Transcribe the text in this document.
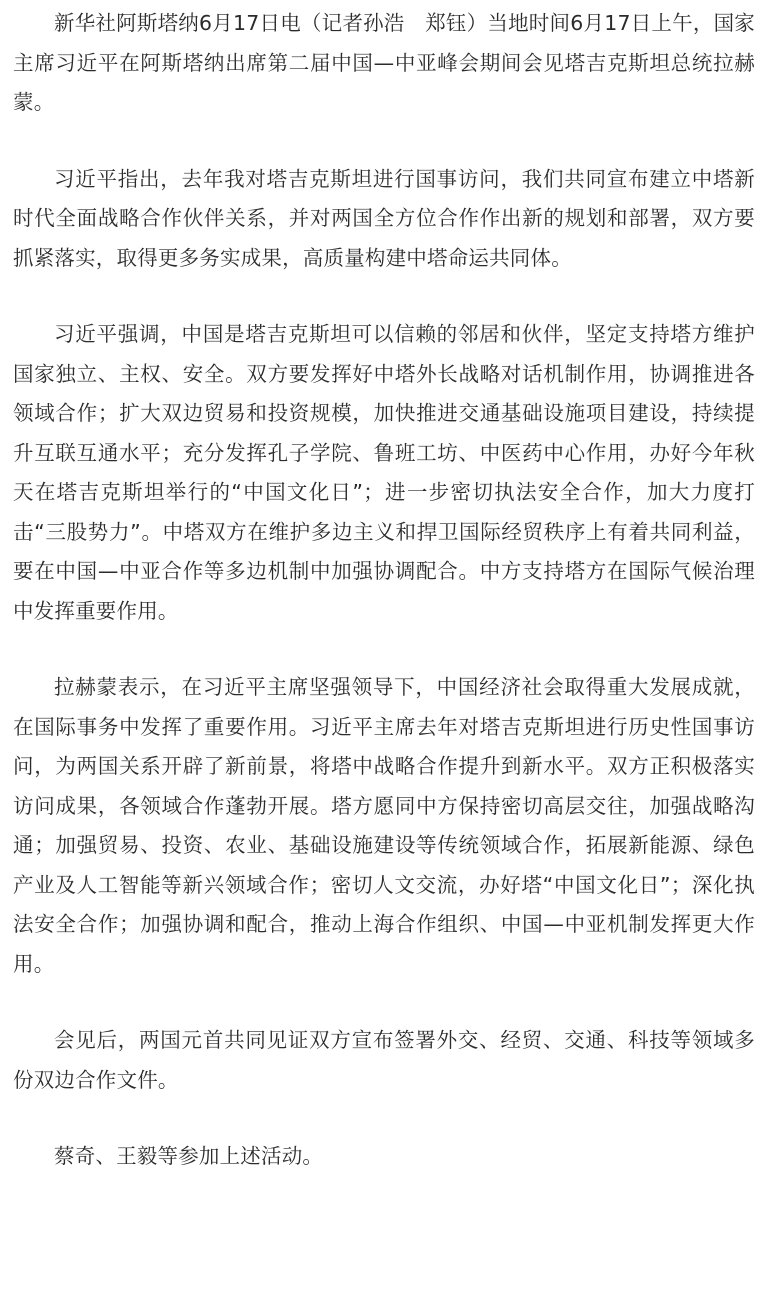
新华社阿斯塔纳6月17日电（记者孙浩　郑钰）当地时间6月17日上午，国家主席习近平在阿斯塔纳出席第二届中国—中亚峰会期间会见塔吉克斯坦总统拉赫蒙。

习近平指出，去年我对塔吉克斯坦进行国事访问，我们共同宣布建立中塔新时代全面战略合作伙伴关系，并对两国全方位合作作出新的规划和部署，双方要抓紧落实，取得更多务实成果，高质量构建中塔命运共同体。

习近平强调，中国是塔吉克斯坦可以信赖的邻居和伙伴，坚定支持塔方维护国家独立、主权、安全。双方要发挥好中塔外长战略对话机制作用，协调推进各领域合作；扩大双边贸易和投资规模，加快推进交通基础设施项目建设，持续提升互联互通水平；充分发挥孔子学院、鲁班工坊、中医药中心作用，办好今年秋天在塔吉克斯坦举行的“中国文化日”；进一步密切执法安全合作，加大力度打击“三股势力”。中塔双方在维护多边主义和捍卫国际经贸秩序上有着共同利益，要在中国—中亚合作等多边机制中加强协调配合。中方支持塔方在国际气候治理中发挥重要作用。

拉赫蒙表示，在习近平主席坚强领导下，中国经济社会取得重大发展成就，在国际事务中发挥了重要作用。习近平主席去年对塔吉克斯坦进行历史性国事访问，为两国关系开辟了新前景，将塔中战略合作提升到新水平。双方正积极落实访问成果，各领域合作蓬勃开展。塔方愿同中方保持密切高层交往，加强战略沟通；加强贸易、投资、农业、基础设施建设等传统领域合作，拓展新能源、绿色产业及人工智能等新兴领域合作；密切人文交流，办好塔“中国文化日”；深化执法安全合作；加强协调和配合，推动上海合作组织、中国—中亚机制发挥更大作用。

会见后，两国元首共同见证双方宣布签署外交、经贸、交通、科技等领域多份双边合作文件。

蔡奇、王毅等参加上述活动。
